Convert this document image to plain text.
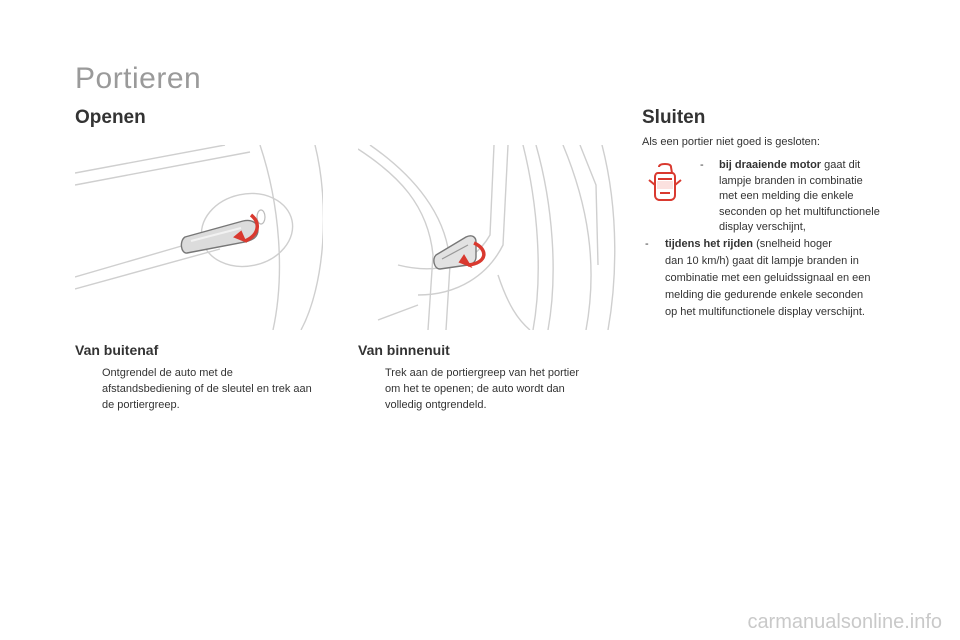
Portieren
Openen
Van buitenaf
Ontgrendel de auto met de
afstandsbediening of de sleutel en trek aan
de portiergreep.
Van binnenuit
Trek aan de portiergreep van het portier
om het te openen; de auto wordt dan
volledig ontgrendeld.
Sluiten
Als een portier niet goed is gesloten:
- bij draaiende motor gaat dit
lampje branden in combinatie
met een melding die enkele
seconden op het multifunctionele
display verschijnt,
- tijdens het rijden (snelheid hoger
dan 10 km/h) gaat dit lampje branden in
combinatie met een geluidssignaal en een
melding die gedurende enkele seconden
op het multifunctionele display verschijnt.
carmanualsonline.info
